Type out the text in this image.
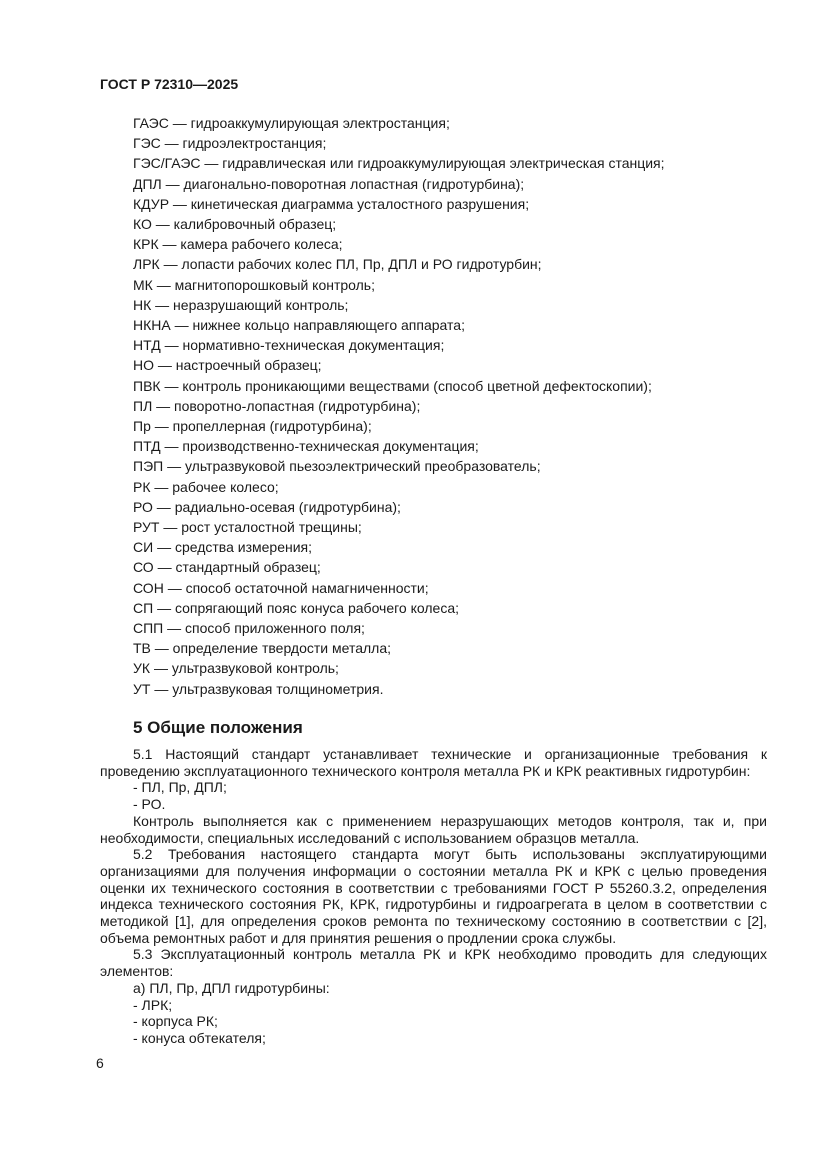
ГОСТ Р 72310—2025
ГАЭС — гидроаккумулирующая электростанция;
ГЭС — гидроэлектростанция;
ГЭС/ГАЭС — гидравлическая или гидроаккумулирующая электрическая станция;
ДПЛ — диагонально-поворотная лопастная (гидротурбина);
КДУР — кинетическая диаграмма усталостного разрушения;
КО — калибровочный образец;
КРК — камера рабочего колеса;
ЛРК — лопасти рабочих колес ПЛ, Пр, ДПЛ и РО гидротурбин;
МК — магнитопорошковый контроль;
НК — неразрушающий контроль;
НКНА — нижнее кольцо направляющего аппарата;
НТД — нормативно-техническая документация;
НО — настроечный образец;
ПВК — контроль проникающими веществами (способ цветной дефектоскопии);
ПЛ — поворотно-лопастная (гидротурбина);
Пр — пропеллерная (гидротурбина);
ПТД — производственно-техническая документация;
ПЭП — ультразвуковой пьезоэлектрический преобразователь;
РК — рабочее колесо;
РО — радиально-осевая (гидротурбина);
РУТ — рост усталостной трещины;
СИ — средства измерения;
СО — стандартный образец;
СОН — способ остаточной намагниченности;
СП — сопрягающий пояс конуса рабочего колеса;
СПП — способ приложенного поля;
ТВ — определение твердости металла;
УК — ультразвуковой контроль;
УТ — ультразвуковая толщинометрия.
5 Общие положения
5.1 Настоящий стандарт устанавливает технические и организационные требования к проведению эксплуатационного технического контроля металла РК и КРК реактивных гидротурбин:
- ПЛ, Пр, ДПЛ;
- РО.
Контроль выполняется как с применением неразрушающих методов контроля, так и, при необходимости, специальных исследований с использованием образцов металла.
5.2 Требования настоящего стандарта могут быть использованы эксплуатирующими организациями для получения информации о состоянии металла РК и КРК с целью проведения оценки их технического состояния в соответствии с требованиями ГОСТ Р 55260.3.2, определения индекса технического состояния РК, КРК, гидротурбины и гидроагрегата в целом в соответствии с методикой [1], для определения сроков ремонта по техническому состоянию в соответствии с [2], объема ремонтных работ и для принятия решения о продлении срока службы.
5.3 Эксплуатационный контроль металла РК и КРК необходимо проводить для следующих элементов:
а) ПЛ, Пр, ДПЛ гидротурбины:
- ЛРК;
- корпуса РК;
- конуса обтекателя;
6
